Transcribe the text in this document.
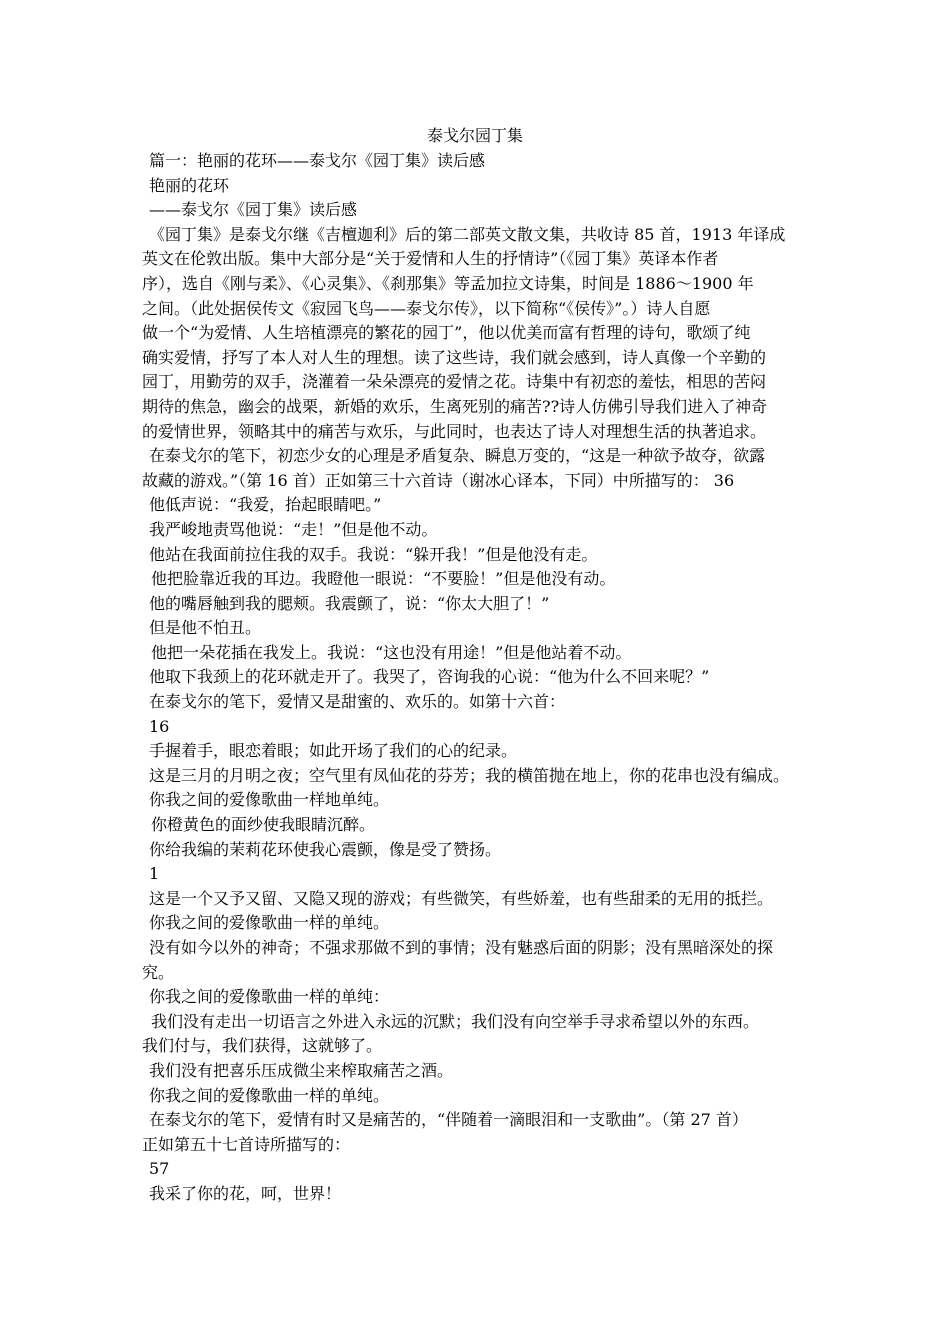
泰戈尔园丁集
篇一：艳丽的花环——泰戈尔《园丁集》读后感
艳丽的花环
——泰戈尔《园丁集》读后感
《园丁集》是泰戈尔继《吉檀迦利》后的第二部英文散文集，共收诗 85 首，1913 年译成
英文在伦敦出版。集中大部分是“关于爱情和人生的抒情诗”（《园丁集》英译本作者
序），选自《刚与柔》、《心灵集》、《刹那集》等孟加拉文诗集，时间是 1886～1900 年
之间。（此处据侯传文《寂园飞鸟——泰戈尔传》，以下简称“《侯传》”。）诗人自愿
做一个“为爱情、人生培植漂亮的繁花的园丁”，他以优美而富有哲理的诗句，歌颂了纯
确实爱情，抒写了本人对人生的理想。读了这些诗，我们就会感到，诗人真像一个辛勤的
园丁，用勤劳的双手，浇灌着一朵朵漂亮的爱情之花。诗集中有初恋的羞怯，相思的苦闷
期待的焦急，幽会的战栗，新婚的欢乐，生离死别的痛苦??诗人仿佛引导我们进入了神奇
的爱情世界，领略其中的痛苦与欢乐，与此同时，也表达了诗人对理想生活的执著追求。
在泰戈尔的笔下，初恋少女的心理是矛盾复杂、瞬息万变的，“这是一种欲予故夺，欲露
故藏的游戏。”（第 16 首）正如第三十六首诗（谢冰心译本，下同）中所描写的： 36
他低声说：“我爱，抬起眼睛吧。”
我严峻地责骂他说：“走！”但是他不动。
他站在我面前拉住我的双手。我说：“躲开我！”但是他没有走。
他把脸靠近我的耳边。我瞪他一眼说：“不要脸！”但是他没有动。
他的嘴唇触到我的腮颊。我震颤了，说：“你太大胆了！”
但是他不怕丑。
他把一朵花插在我发上。我说：“这也没有用途！”但是他站着不动。
他取下我颈上的花环就走开了。我哭了，咨询我的心说：“他为什么不回来呢？”
在泰戈尔的笔下，爱情又是甜蜜的、欢乐的。如第十六首：
16
手握着手，眼恋着眼；如此开场了我们的心的纪录。
这是三月的月明之夜；空气里有凤仙花的芬芳；我的横笛抛在地上，你的花串也没有编成。
你我之间的爱像歌曲一样地单纯。
你橙黄色的面纱使我眼睛沉醉。
你给我编的茉莉花环使我心震颤，像是受了赞扬。
1
这是一个又予又留、又隐又现的游戏；有些微笑，有些娇羞，也有些甜柔的无用的抵拦。
你我之间的爱像歌曲一样的单纯。
没有如今以外的神奇；不强求那做不到的事情；没有魅惑后面的阴影；没有黑暗深处的探
究。
你我之间的爱像歌曲一样的单纯：
我们没有走出一切语言之外进入永远的沉默；我们没有向空举手寻求希望以外的东西。
我们付与，我们获得，这就够了。
我们没有把喜乐压成微尘来榨取痛苦之酒。
你我之间的爱像歌曲一样的单纯。
在泰戈尔的笔下，爱情有时又是痛苦的，“伴随着一滴眼泪和一支歌曲”。（第 27 首）
正如第五十七首诗所描写的：
57
我采了你的花，呵，世界！
